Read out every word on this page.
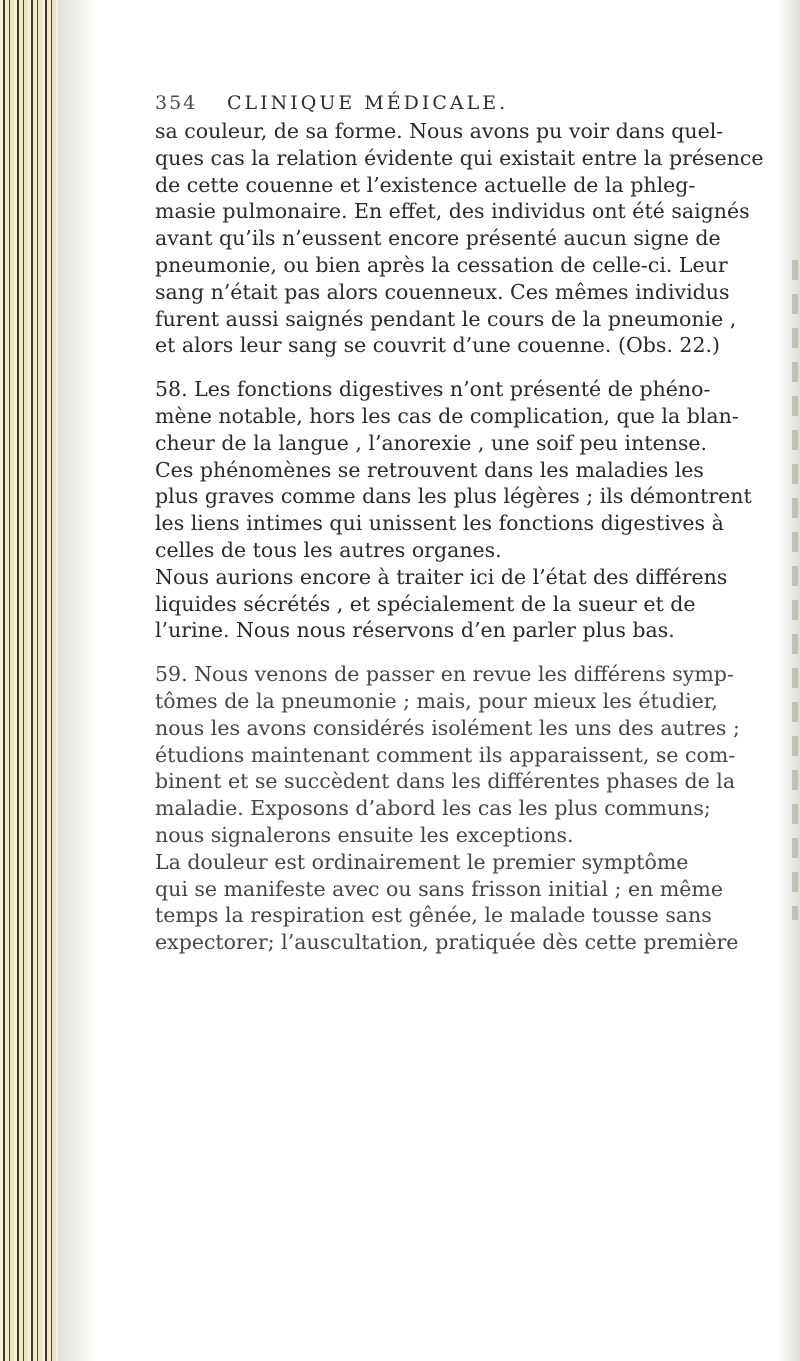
354 CLINIQUE MÉDICALE.
sa couleur, de sa forme. Nous avons pu voir dans quel-
ques cas la relation évidente qui existait entre la présence
de cette couenne et l’existence actuelle de la phleg-
masie pulmonaire. En effet, des individus ont été saignés
avant qu’ils n’eussent encore présenté aucun signe de
pneumonie, ou bien après la cessation de celle-ci. Leur
sang n’était pas alors couenneux. Ces mêmes individus
furent aussi saignés pendant le cours de la pneumonie ,
et alors leur sang se couvrit d’une couenne. (Obs. 22.)
58. Les fonctions digestives n’ont présenté de phéno-
mène notable, hors les cas de complication, que la blan-
cheur de la langue , l’anorexie , une soif peu intense.
Ces phénomènes se retrouvent dans les maladies les
plus graves comme dans les plus légères ; ils démontrent
les liens intimes qui unissent les fonctions digestives à
celles de tous les autres organes.
Nous aurions encore à traiter ici de l’état des différens
liquides sécrétés , et spécialement de la sueur et de
l’urine. Nous nous réservons d’en parler plus bas.
59. Nous venons de passer en revue les différens symp-
tômes de la pneumonie ; mais, pour mieux les étudier,
nous les avons considérés isolément les uns des autres ;
étudions maintenant comment ils apparaissent, se com-
binent et se succèdent dans les différentes phases de la
maladie. Exposons d’abord les cas les plus communs;
nous signalerons ensuite les exceptions.
La douleur est ordinairement le premier symptôme
qui se manifeste avec ou sans frisson initial ; en même
temps la respiration est gênée, le malade tousse sans
expectorer; l’auscultation, pratiquée dès cette première
